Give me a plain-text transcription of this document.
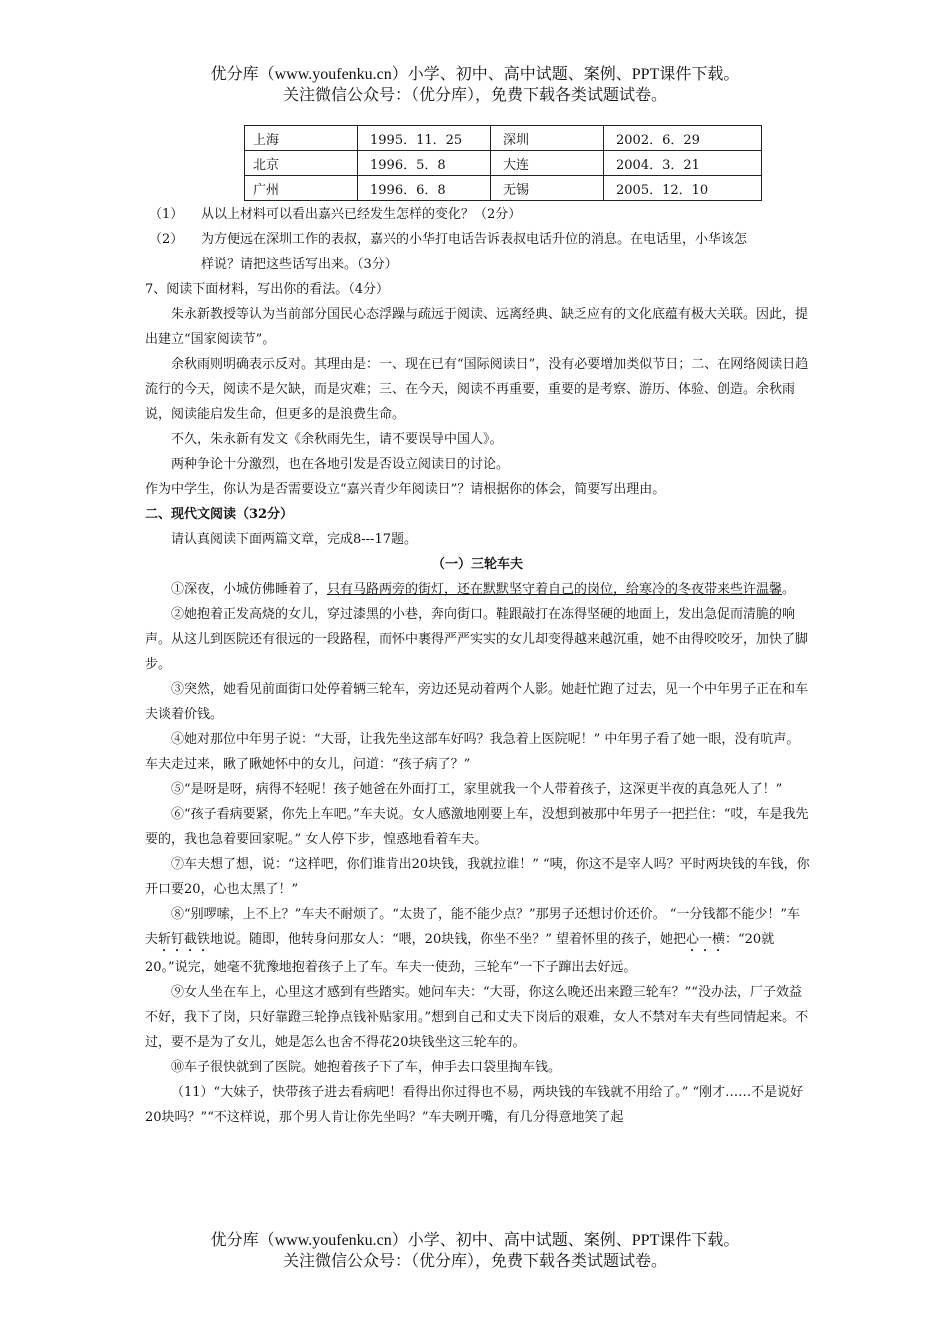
优分库（www.youfenku.cn）小学、初中、高中试题、案例、PPT课件下载。
关注微信公众号：（优分库），免费下载各类试题试卷。
上海	1995．11．25	深圳	2002．6．29
北京	1996．5．8	大连	2004．3．21
广州	1996．6．8	无锡	2005．12．10

（1） 从以上材料可以看出嘉兴已经发生怎样的变化？（2分）

（2） 为方便远在深圳工作的表叔，嘉兴的小华打电话告诉表叔电话升位的消息。在电话里，小华该怎

样说？请把这些话写出来。（3分）

7、阅读下面材料，写出你的看法。（4分）

朱永新教授等认为当前部分国民心态浮躁与疏远于阅读、远离经典、缺乏应有的文化底蕴有极大关联。因此，提出建立“国家阅读节”。

余秋雨则明确表示反对。其理由是：一、现在已有“国际阅读日”，没有必要增加类似节日；二、在网络阅读日趋流行的今天，阅读不是欠缺，而是灾难；三、在今天，阅读不再重要，重要的是考察、游历、体验、创造。余秋雨说，阅读能启发生命，但更多的是浪费生命。

不久，朱永新有发文《余秋雨先生，请不要误导中国人》。

两种争论十分激烈，也在各地引发是否设立阅读日的讨论。

作为中学生，你认为是否需要设立“嘉兴青少年阅读日”？请根据你的体会，简要写出理由。

二、现代文阅读（32分）

请认真阅读下面两篇文章，完成8---17题。

（一）三轮车夫

①深夜，小城仿佛睡着了，只有马路两旁的街灯，还在默默坚守着自己的岗位，给寒冷的冬夜带来些许温馨。

②她抱着正发高烧的女儿，穿过漆黑的小巷，奔向街口。鞋跟敲打在冻得坚硬的地面上，发出急促而清脆的响声。从这儿到医院还有很远的一段路程，而怀中裹得严严实实的女儿却变得越来越沉重，她不由得咬咬牙，加快了脚步。

③突然，她看见前面街口处停着辆三轮车，旁边还晃动着两个人影。她赶忙跑了过去，见一个中年男子正在和车夫谈着价钱。

④她对那位中年男子说：“大哥，让我先坐这部车好吗？我急着上医院呢！” 中年男子看了她一眼，没有吭声。 车夫走过来，瞅了瞅她怀中的女儿，问道：“孩子病了？”

⑤“是呀是呀，病得不轻呢！孩子她爸在外面打工，家里就我一个人带着孩子，这深更半夜的真急死人了！”

⑥“孩子看病要紧，你先上车吧。”车夫说。女人感激地刚要上车，没想到被那中年男子一把拦住：“哎，车是我先要的，我也急着要回家呢。” 女人停下步，惶惑地看着车夫。

⑦车夫想了想，说：“这样吧，你们谁肯出20块钱，我就拉谁！” “咦，你这不是宰人吗？平时两块钱的车钱，你开口要20，心也太黑了！”

⑧“别啰嗦，上不上？”车夫不耐烦了。“太贵了，能不能少点？”那男子还想讨价还价。 “一分钱都不能少！”车夫斩钉截铁地说。随即，他转身问那女人：“喂，20块钱，你坐不坐？” 望着怀里的孩子，她把心一横：“20就20。”说完，她毫不犹豫地抱着孩子上了车。车夫一使劲，三轮车”一下子蹿出去好远。

⑨女人坐在车上，心里这才感到有些踏实。她问车夫：“大哥，你这么晚还出来蹬三轮车？”“没办法，厂子效益不好，我下了岗，只好靠蹬三轮挣点钱补贴家用。”想到自己和丈夫下岗后的艰难，女人不禁对车夫有些同情起来。不过，要不是为了女儿，她是怎么也舍不得花20块钱坐这三轮车的。

⑩车子很快就到了医院。她抱着孩子下了车，伸手去口袋里掏车钱。

（11）“大妹子，快带孩子进去看病吧！看得出你过得也不易，两块钱的车钱就不用给了。” “刚才……不是说好20块吗？”“不这样说，那个男人肯让你先坐吗？”车夫咧开嘴，有几分得意地笑了起

优分库（www.youfenku.cn）小学、初中、高中试题、案例、PPT课件下载。
关注微信公众号：（优分库），免费下载各类试题试卷。
